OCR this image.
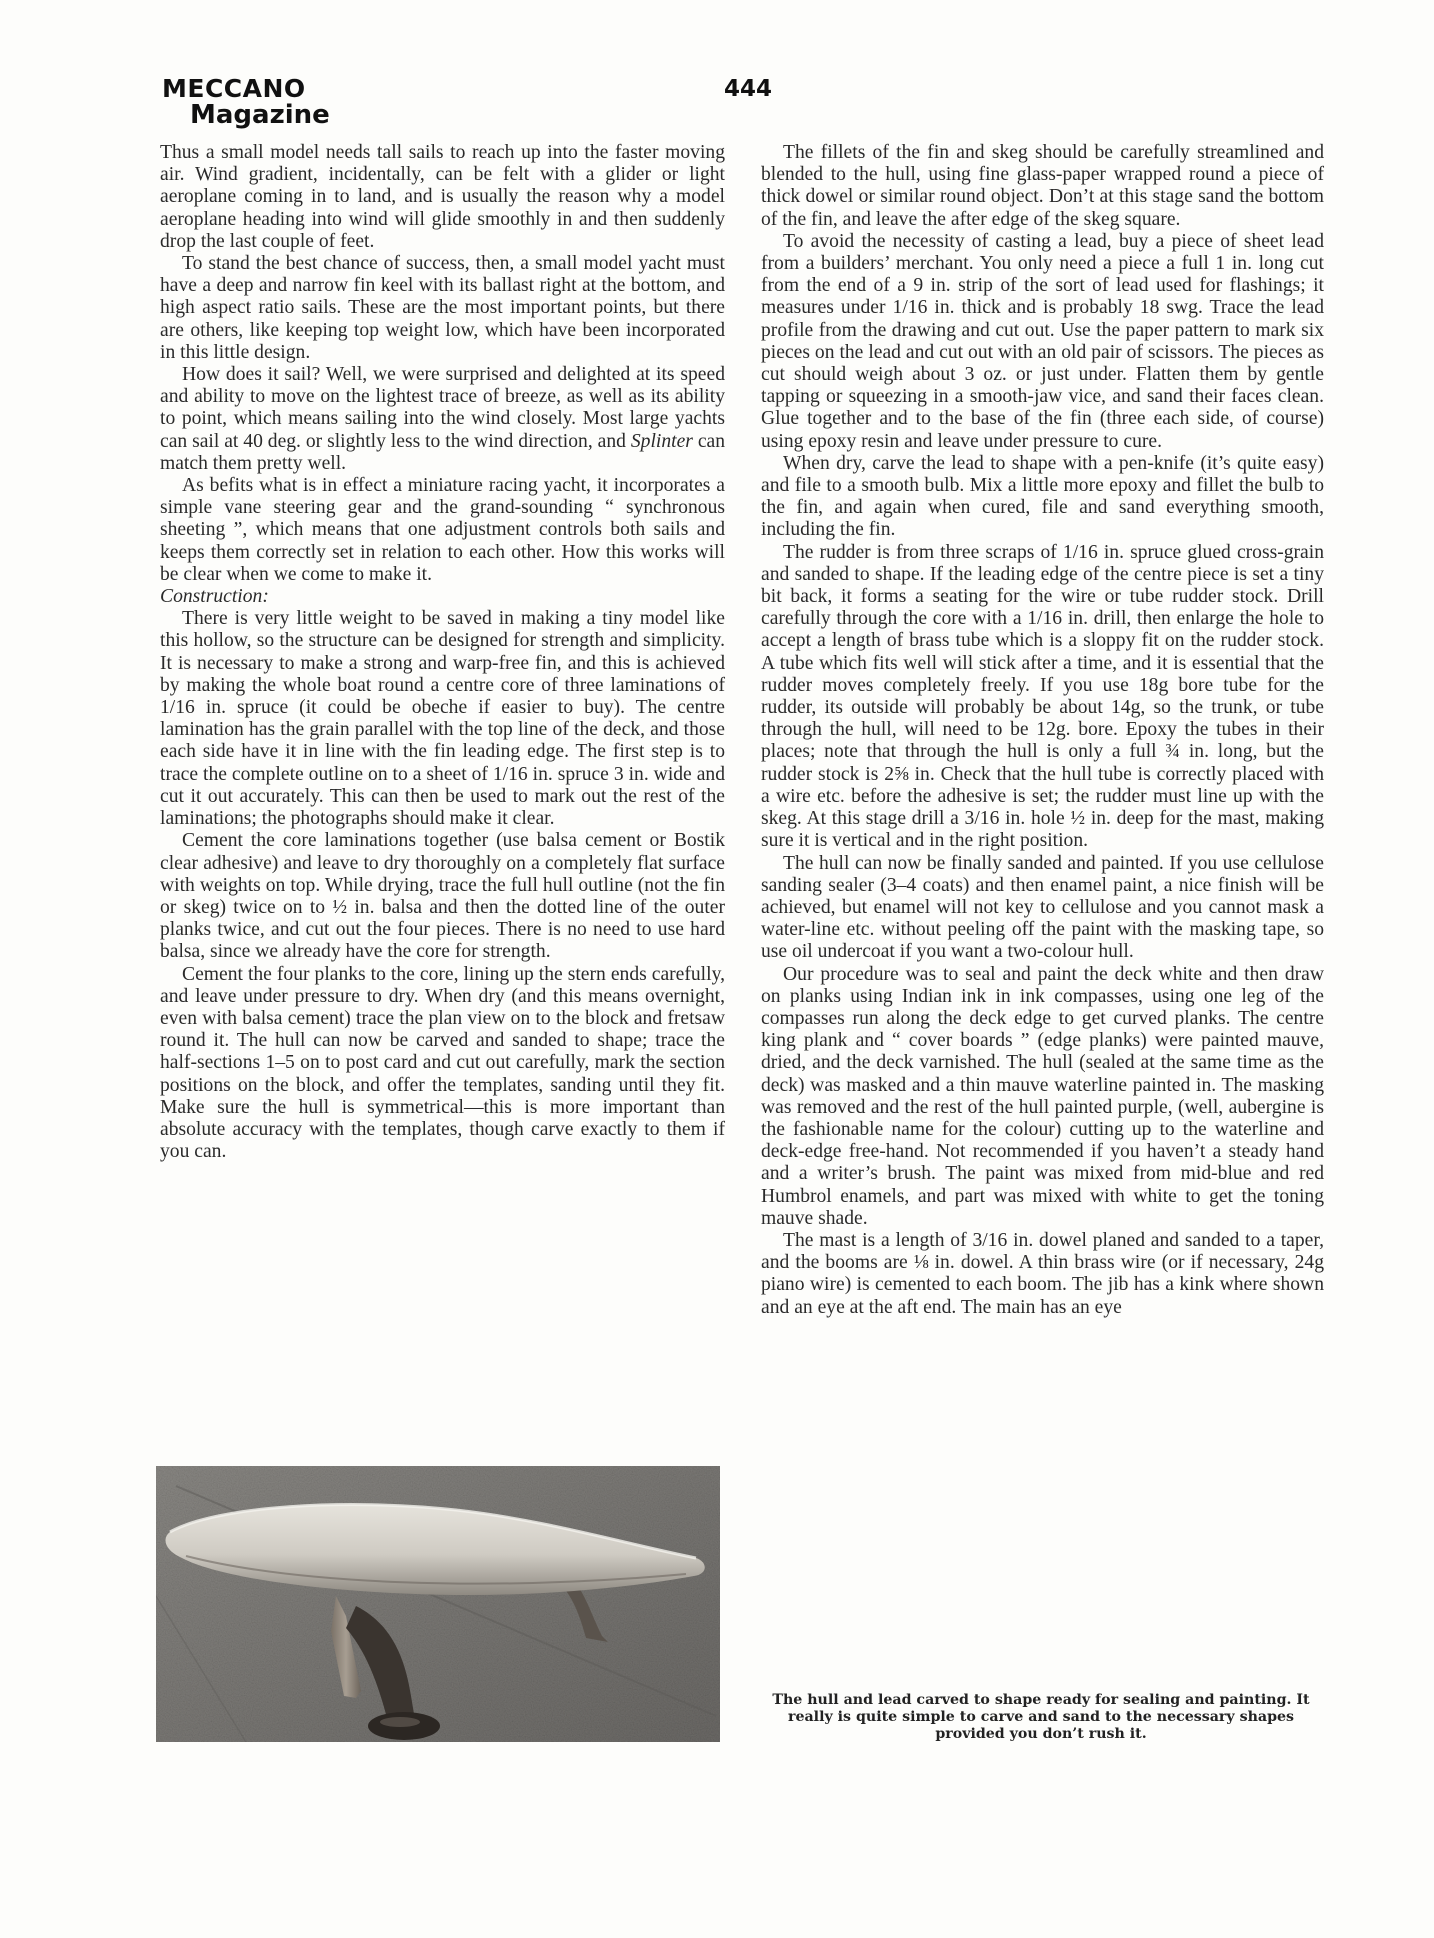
MECCANO
Magazine
444

Thus a small model needs tall sails to reach up into the faster moving air. Wind gradient, incidentally, can be felt with a glider or light aeroplane coming in to land, and is usually the reason why a model aeroplane heading into wind will glide smoothly in and then suddenly drop the last couple of feet.

To stand the best chance of success, then, a small model yacht must have a deep and narrow fin keel with its ballast right at the bottom, and high aspect ratio sails. These are the most important points, but there are others, like keeping top weight low, which have been incorporated in this little design.

How does it sail? Well, we were surprised and delighted at its speed and ability to move on the lightest trace of breeze, as well as its ability to point, which means sailing into the wind closely. Most large yachts can sail at 40 deg. or slightly less to the wind direction, and Splinter can match them pretty well.

As befits what is in effect a miniature racing yacht, it incorporates a simple vane steering gear and the grand-sounding “ synchronous sheeting ”, which means that one adjustment controls both sails and keeps them correctly set in relation to each other. How this works will be clear when we come to make it.

Construction:

There is very little weight to be saved in making a tiny model like this hollow, so the structure can be designed for strength and simplicity. It is necessary to make a strong and warp-free fin, and this is achieved by making the whole boat round a centre core of three laminations of 1/16 in. spruce (it could be obeche if easier to buy). The centre lamination has the grain parallel with the top line of the deck, and those each side have it in line with the fin leading edge. The first step is to trace the complete outline on to a sheet of 1/16 in. spruce 3 in. wide and cut it out accurately. This can then be used to mark out the rest of the laminations; the photographs should make it clear.

Cement the core laminations together (use balsa cement or Bostik clear adhesive) and leave to dry thoroughly on a completely flat surface with weights on top. While drying, trace the full hull outline (not the fin or skeg) twice on to ½ in. balsa and then the dotted line of the outer planks twice, and cut out the four pieces. There is no need to use hard balsa, since we already have the core for strength.

Cement the four planks to the core, lining up the stern ends carefully, and leave under pressure to dry. When dry (and this means overnight, even with balsa cement) trace the plan view on to the block and fretsaw round it. The hull can now be carved and sanded to shape; trace the half-sections 1–5 on to post card and cut out carefully, mark the section positions on the block, and offer the templates, sanding until they fit. Make sure the hull is symmetrical—this is more important than absolute accuracy with the templates, though carve exactly to them if you can.

The fillets of the fin and skeg should be carefully streamlined and blended to the hull, using fine glass-paper wrapped round a piece of thick dowel or similar round object. Don’t at this stage sand the bottom of the fin, and leave the after edge of the skeg square.

To avoid the necessity of casting a lead, buy a piece of sheet lead from a builders’ merchant. You only need a piece a full 1 in. long cut from the end of a 9 in. strip of the sort of lead used for flashings; it measures under 1/16 in. thick and is probably 18 swg. Trace the lead profile from the drawing and cut out. Use the paper pattern to mark six pieces on the lead and cut out with an old pair of scissors. The pieces as cut should weigh about 3 oz. or just under. Flatten them by gentle tapping or squeezing in a smooth-jaw vice, and sand their faces clean. Glue together and to the base of the fin (three each side, of course) using epoxy resin and leave under pressure to cure.

When dry, carve the lead to shape with a pen-knife (it’s quite easy) and file to a smooth bulb. Mix a little more epoxy and fillet the bulb to the fin, and again when cured, file and sand everything smooth, including the fin.

The rudder is from three scraps of 1/16 in. spruce glued cross-grain and sanded to shape. If the leading edge of the centre piece is set a tiny bit back, it forms a seating for the wire or tube rudder stock. Drill carefully through the core with a 1/16 in. drill, then enlarge the hole to accept a length of brass tube which is a sloppy fit on the rudder stock. A tube which fits well will stick after a time, and it is essential that the rudder moves completely freely. If you use 18g bore tube for the rudder, its outside will probably be about 14g, so the trunk, or tube through the hull, will need to be 12g. bore. Epoxy the tubes in their places; note that through the hull is only a full ¾ in. long, but the rudder stock is 2⅝ in. Check that the hull tube is correctly placed with a wire etc. before the adhesive is set; the rudder must line up with the skeg. At this stage drill a 3/16 in. hole ½ in. deep for the mast, making sure it is vertical and in the right position.

The hull can now be finally sanded and painted. If you use cellulose sanding sealer (3–4 coats) and then enamel paint, a nice finish will be achieved, but enamel will not key to cellulose and you cannot mask a water-line etc. without peeling off the paint with the masking tape, so use oil undercoat if you want a two-colour hull.

Our procedure was to seal and paint the deck white and then draw on planks using Indian ink in ink compasses, using one leg of the compasses run along the deck edge to get curved planks. The centre king plank and “ cover boards ” (edge planks) were painted mauve, dried, and the deck varnished. The hull (sealed at the same time as the deck) was masked and a thin mauve waterline painted in. The masking was removed and the rest of the hull painted purple, (well, aubergine is the fashionable name for the colour) cutting up to the waterline and deck-edge free-hand. Not recommended if you haven’t a steady hand and a writer’s brush. The paint was mixed from mid-blue and red Humbrol enamels, and part was mixed with white to get the toning mauve shade.

The mast is a length of 3/16 in. dowel planed and sanded to a taper, and the booms are ⅛ in. dowel. A thin brass wire (or if necessary, 24g piano wire) is cemented to each boom. The jib has a kink where shown and an eye at the aft end. The main has an eye

The hull and lead carved to shape ready for sealing and painting. It really is quite simple to carve and sand to the necessary shapes provided you don’t rush it.
